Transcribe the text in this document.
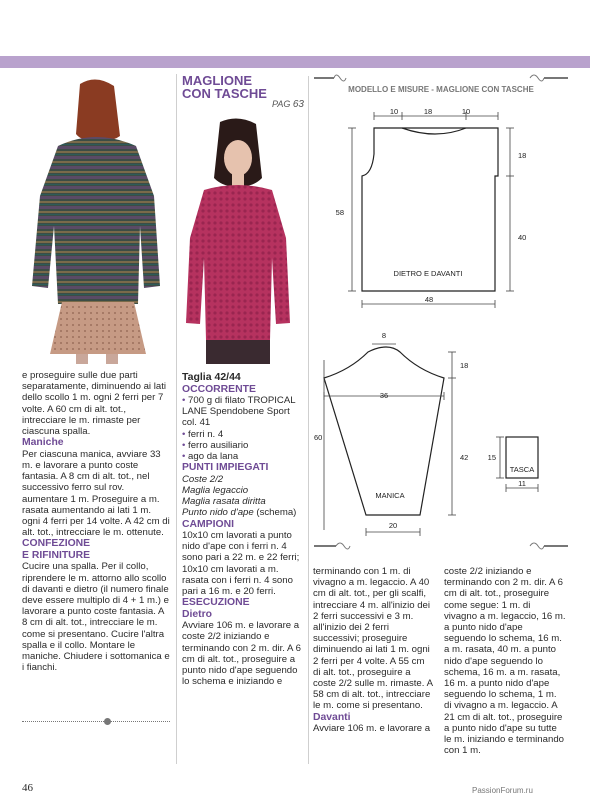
MAGLIONE
CON TASCHE
PAG 63

e proseguire sulle due parti separatamente, diminuendo ai lati dello scollo 1 m. ogni 2 ferri per 7 volte. A 60 cm di alt. tot., intrecciare le m. rimaste per ciascuna spalla.

Maniche

Per ciascuna manica, avviare 33 m. e lavorare a punto coste fantasia. A 8 cm di alt. tot., nel successivo ferro sul rov. aumentare 1 m. Proseguire a m. rasata aumentando ai lati 1 m. ogni 4 ferri per 14 volte. A 42 cm di alt. tot., intrecciare le m. ottenute.

CONFEZIONE
E RIFINITURE

Cucire una spalla. Per il collo, riprendere le m. attorno allo scollo di davanti e dietro (il numero finale deve essere multiplo di 4 + 1 m.) e lavorare a punto coste fantasia. A 8 cm di alt. tot., intrecciare le m. come si presentano. Cucire l'altra spalla e il collo. Montare le maniche. Chiudere i sottomanica e i fianchi.

Taglia 42/44

OCCORRENTE

• 700 g di filato TROPICAL LANE Spendobene Sport col. 41

• ferri n. 4

• ferro ausiliario

• ago da lana

PUNTI IMPIEGATI

Coste 2/2

Maglia legaccio

Maglia rasata diritta

Punto nido d'ape (schema)

CAMPIONI

10x10 cm lavorati a punto nido d'ape con i ferri n. 4 sono pari a 22 m. e 22 ferri;

10x10 cm lavorati a m. rasata con i ferri n. 4 sono pari a 16 m. e 20 ferri.

ESECUZIONE

Dietro

Avviare 106 m. e lavorare a coste 2/2 iniziando e terminando con 2 m. dir. A 6 cm di alt. tot., proseguire a punto nido d'ape seguendo lo schema e iniziando e

terminando con 1 m. di vivagno a m. legaccio. A 40 cm di alt. tot., per gli scalfi, intrecciare 4 m. all'inizio dei 2 ferri successivi e 3 m. all'inizio dei 2 ferri successivi; proseguire diminuendo ai lati 1 m. ogni 2 ferri per 4 volte. A 55 cm di alt. tot., proseguire a coste 2/2 sulle m. rimaste. A 58 cm di alt. tot., intrecciare le m. come si presentano.

Davanti

Avviare 106 m. e lavorare a

coste 2/2 iniziando e terminando con 2 m. dir. A 6 cm di alt. tot., proseguire come segue: 1 m. di vivagno a m. legaccio, 16 m. a punto nido d'ape seguendo lo schema, 16 m. a m. rasata, 40 m. a punto nido d'ape seguendo lo schema, 16 m. a m. rasata, 16 m. a punto nido d'ape seguendo lo schema, 1 m. di vivagno a m. legaccio. A 21 cm di alt. tot., proseguire a punto nido d'ape su tutte le m. iniziando e terminando con 1 m.

MODELLO E MISURE - MAGLIONE CON TASCHE
10	18	10
18
40
58
48
DIETRO E DAVANTI
8
36
60
18
42
20
MANICA
15
11
TASCA
46	PassionForum.ru
